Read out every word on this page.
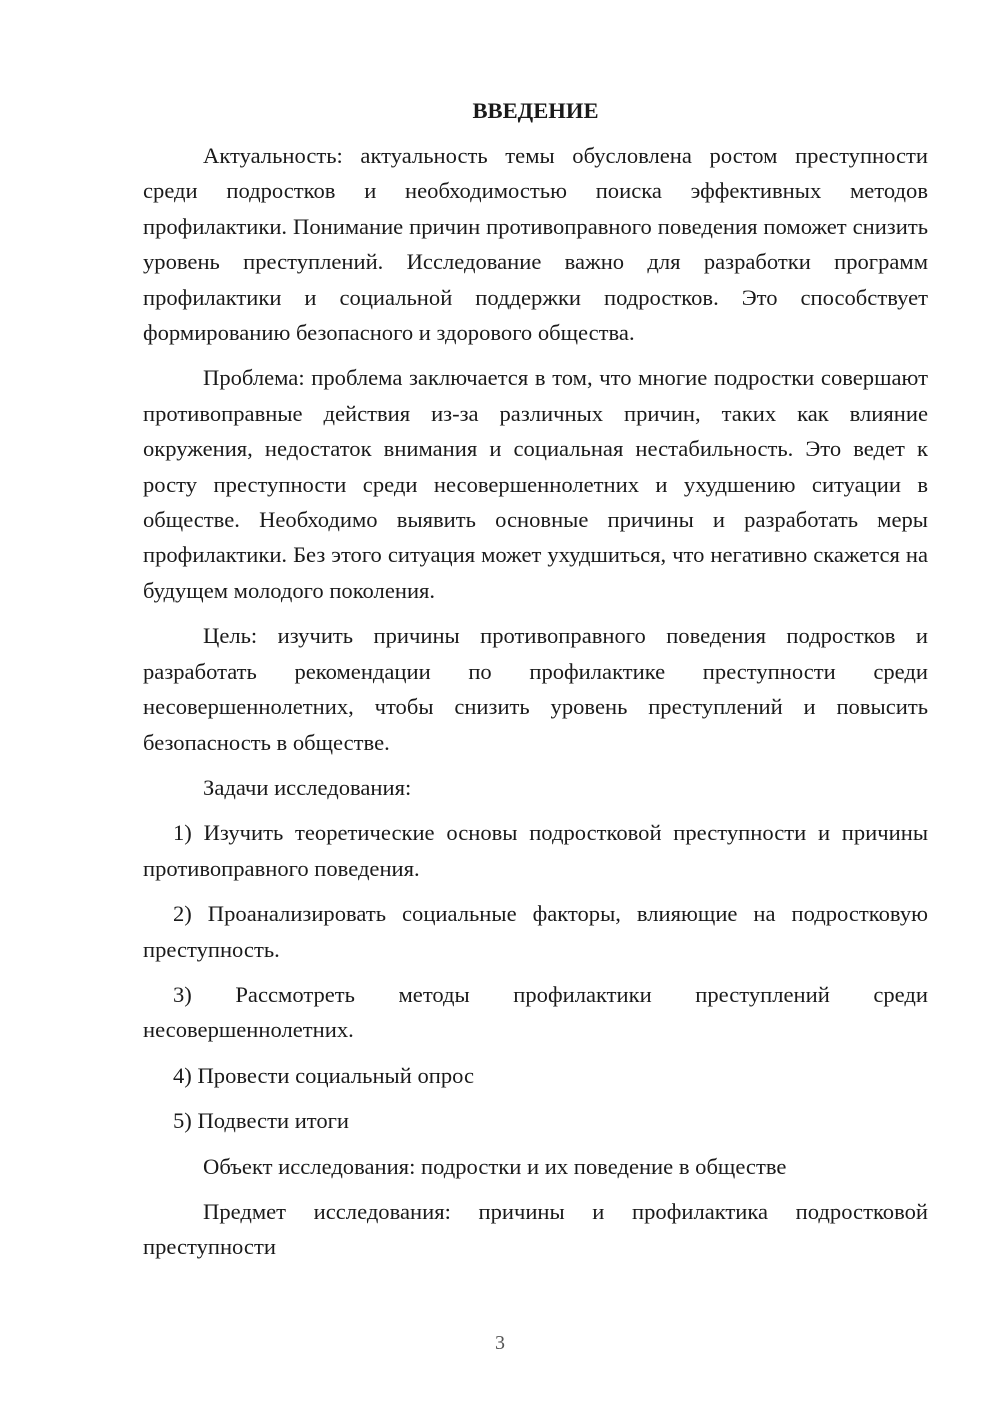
ВВЕДЕНИЕ

Актуальность: актуальность темы обусловлена ростом преступности среди подростков и необходимостью поиска эффективных методов профилактики. Понимание причин противоправного поведения поможет снизить уровень преступлений. Исследование важно для разработки программ профилактики и социальной поддержки подростков. Это способствует формированию безопасного и здорового общества.

Проблема: проблема заключается в том, что многие подростки совершают противоправные действия из-за различных причин, таких как влияние окружения, недостаток внимания и социальная нестабильность. Это ведет к росту преступности среди несовершеннолетних и ухудшению ситуации в обществе. Необходимо выявить основные причины и разработать меры профилактики. Без этого ситуация может ухудшиться, что негативно скажется на будущем молодого поколения.

Цель: изучить причины противоправного поведения подростков и разработать рекомендации по профилактике преступности среди несовершеннолетних, чтобы снизить уровень преступлений и повысить безопасность в обществе.

Задачи исследования:

1) Изучить теоретические основы подростковой преступности и причины противоправного поведения.

2) Проанализировать социальные факторы, влияющие на подростковую преступность.

3) Рассмотреть методы профилактики преступлений среди несовершеннолетних.

4) Провести социальный опрос

5) Подвести итоги

Объект исследования: подростки и их поведение в обществе

Предмет исследования: причины и профилактика подростковой преступности

3
